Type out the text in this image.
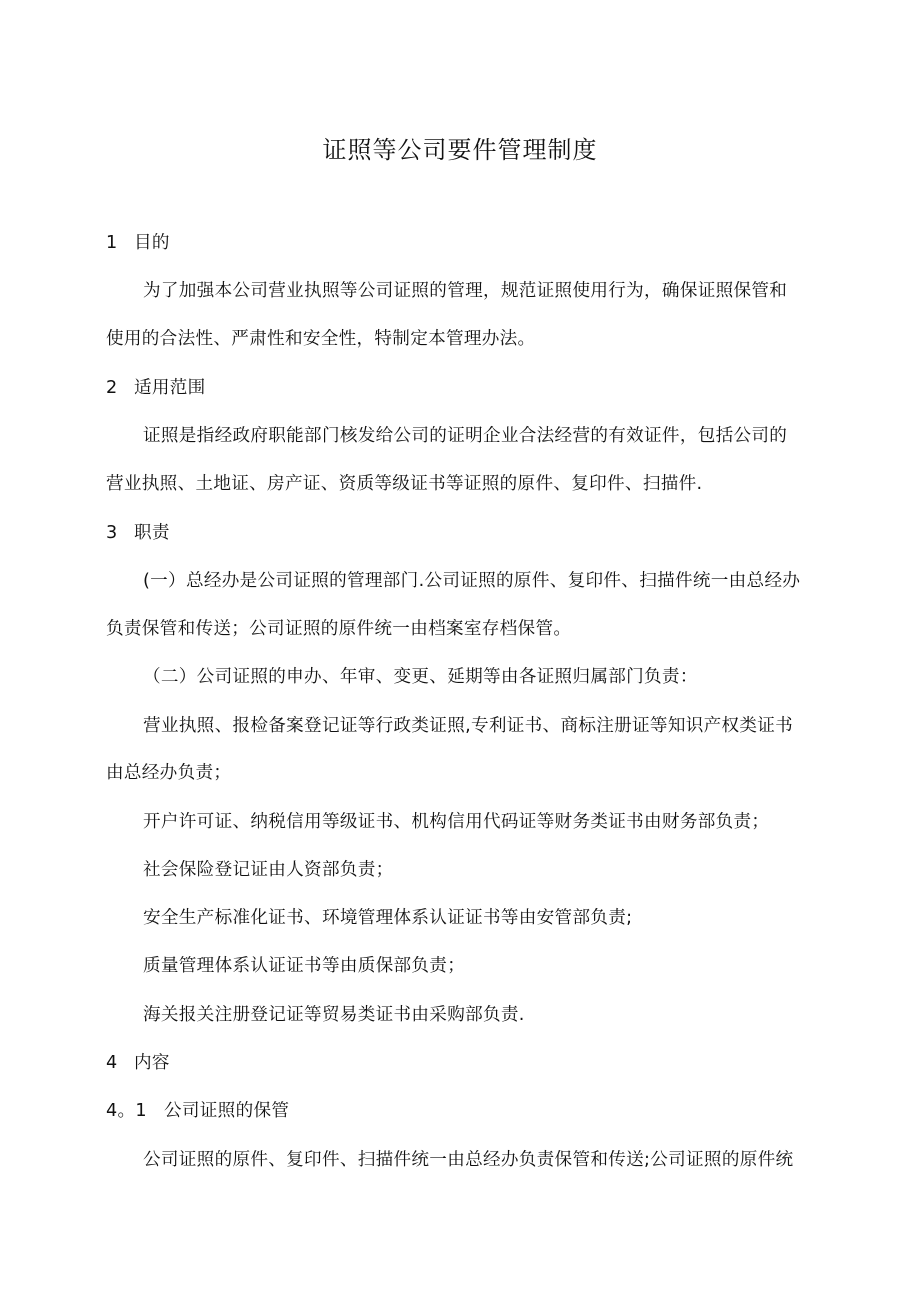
证照等公司要件管理制度
1 目的
为了加强本公司营业执照等公司证照的管理，规范证照使用行为，确保证照保管和
使用的合法性、严肃性和安全性，特制定本管理办法。
2 适用范围
证照是指经政府职能部门核发给公司的证明企业合法经营的有效证件，包括公司的
营业执照、土地证、房产证、资质等级证书等证照的原件、复印件、扫描件.
3 职责
(一）总经办是公司证照的管理部门.公司证照的原件、复印件、扫描件统一由总经办
负责保管和传送；公司证照的原件统一由档案室存档保管。
（二）公司证照的申办、年审、变更、延期等由各证照归属部门负责：
营业执照、报检备案登记证等行政类证照,专利证书、商标注册证等知识产权类证书
由总经办负责；
开户许可证、纳税信用等级证书、机构信用代码证等财务类证书由财务部负责；
社会保险登记证由人资部负责；
安全生产标准化证书、环境管理体系认证证书等由安管部负责;
质量管理体系认证证书等由质保部负责；
海关报关注册登记证等贸易类证书由采购部负责.
4 内容
4。1 公司证照的保管
公司证照的原件、复印件、扫描件统一由总经办负责保管和传送;公司证照的原件统
